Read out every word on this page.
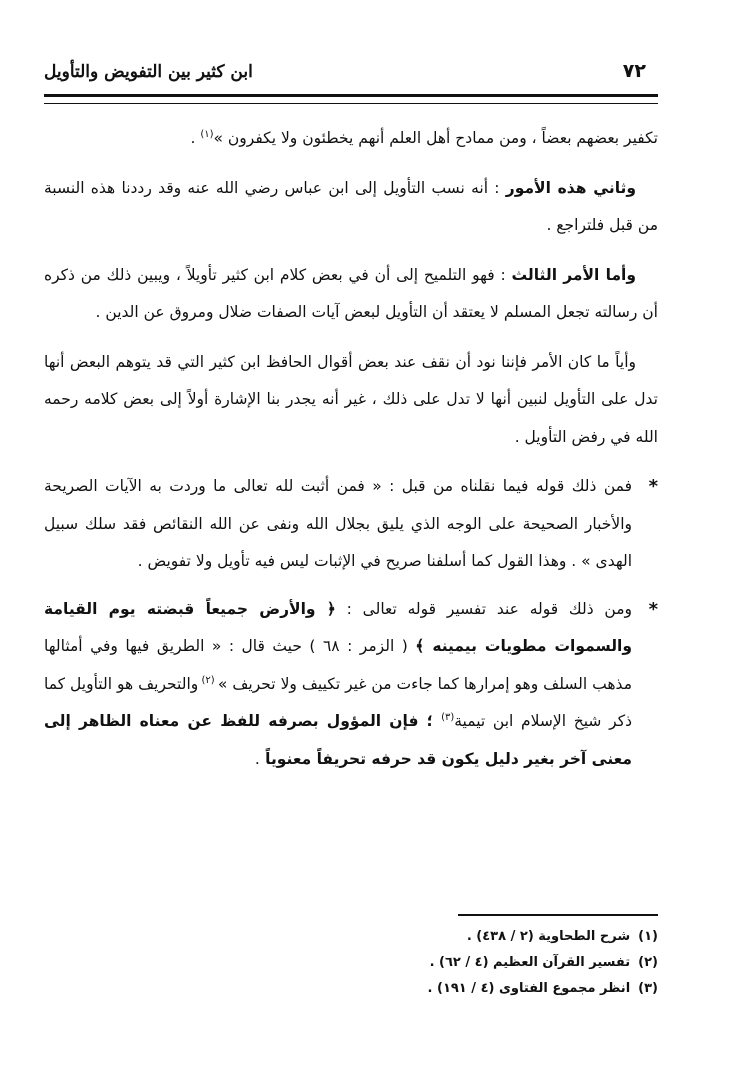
٧٢
ابن كثير بين التفويض والتأويل

تكفير بعضهم بعضاً ، ومن ممادح أهل العلم أنهم يخطئون ولا يكفرون »$^{(١)}$ .

وثاني هذه الأمور : أنه نسب التأويل إلى ابن عباس رضي الله عنه وقد رددنا هذه النسبة من قبل فلتراجع .

وأما الأمر الثالث : فهو التلميح إلى أن في بعض كلام ابن كثير تأويلاً ، ويبين ذلك من ذكره أن رسالته تجعل المسلم لا يعتقد أن التأويل لبعض آيات الصفات ضلال ومروق عن الدين .

وأياً ما كان الأمر فإننا نود أن نقف عند بعض أقوال الحافظ ابن كثير التي قد يتوهم البعض أنها تدل على التأويل لنبين أنها لا تدل على ذلك ، غير أنه يجدر بنا الإشارة أولاً إلى بعض كلامه رحمه الله في رفض التأويل .

*
فمن ذلك قوله فيما نقلناه من قبل : « فمن أثبت لله تعالى ما وردت به الآيات الصريحة والأخبار الصحيحة على الوجه الذي يليق بجلال الله ونفى عن الله النقائص فقد سلك سبيل الهدى » . وهذا القول كما أسلفنا صريح في الإثبات ليس فيه تأويل ولا تفويض .
*
ومن ذلك قوله عند تفسير قوله تعالى : ﴿ والأرض جميعاً قبضته يوم القيامة والسموات مطويات بيمينه ﴾ ( الزمر : ٦٨ ) حيث قال : « الطريق فيها وفي أمثالها مذهب السلف وهو إمرارها كما جاءت من غير تكييف ولا تحريف » $^{(٢)}$ والتحريف هو التأويل كما ذكر شيخ الإسلام ابن تيمية$^{(٣)}$ ؛ فإن المؤول بصرفه للفظ عن معناه الظاهر إلى معنى آخر بغير دليل يكون قد حرفه تحريفاً معنوياً .
(١)
شرح الطحاوية (٢ / ٤٣٨) .
(٢)
تفسير القرآن العظيم (٤ / ٦٢) .
(٣)
انظر مجموع الفتاوى (٤ / ١٩١) .
